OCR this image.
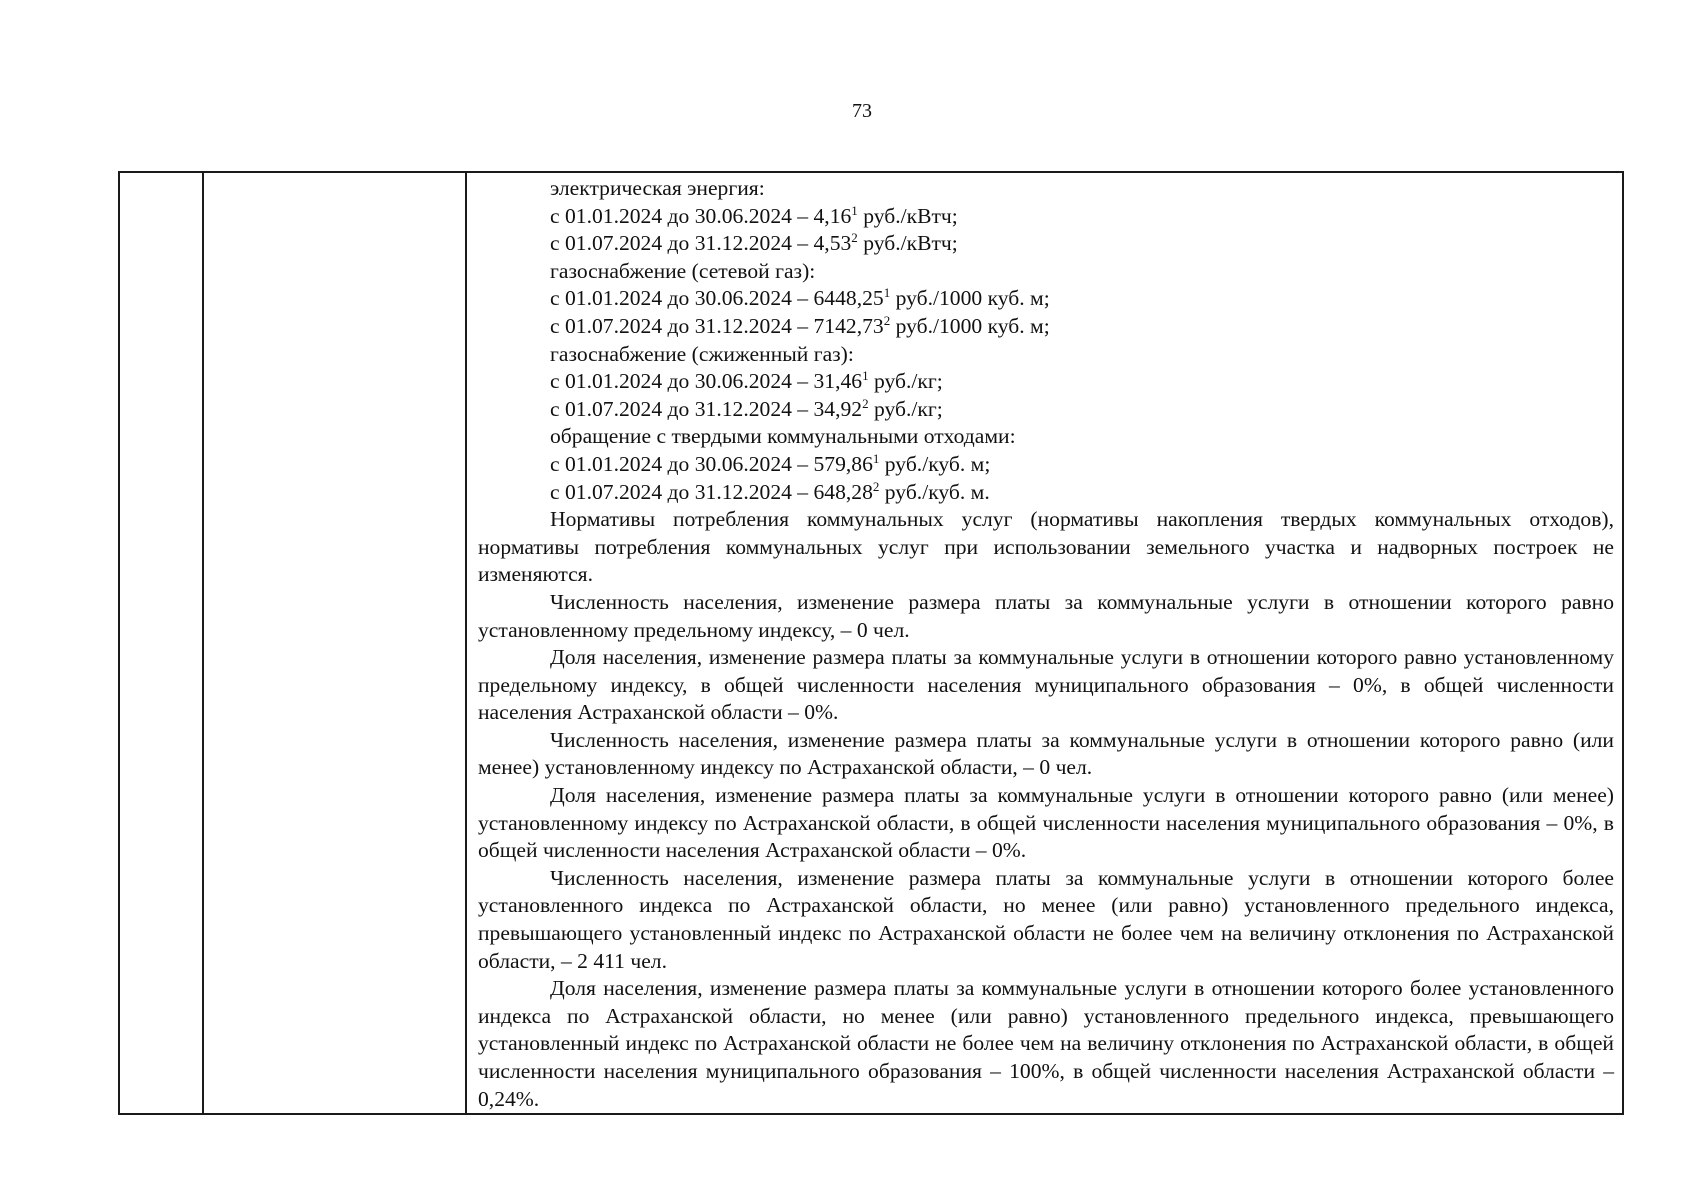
73
электрическая энергия:
с 01.01.2024 до 30.06.2024 – 4,16$^1$ руб./кВтч;
с 01.07.2024 до 31.12.2024 – 4,53$^2$ руб./кВтч;
газоснабжение (сетевой газ):
с 01.01.2024 до 30.06.2024 – 6448,25$^1$ руб./1000 куб. м;
с 01.07.2024 до 31.12.2024 – 7142,73$^2$ руб./1000 куб. м;
газоснабжение (сжиженный газ):
с 01.01.2024 до 30.06.2024 – 31,46$^1$ руб./кг;
с 01.07.2024 до 31.12.2024 – 34,92$^2$ руб./кг;
обращение с твердыми коммунальными отходами:
с 01.01.2024 до 30.06.2024 – 579,86$^1$ руб./куб. м;
с 01.07.2024 до 31.12.2024 – 648,28$^2$ руб./куб. м.

Нормативы потребления коммунальных услуг (нормативы накопления твердых коммунальных отходов), нормативы потребления коммунальных услуг при использовании земельного участка и надворных построек не изменяются.

Численность населения, изменение размера платы за коммунальные услуги в отношении которого равно установленному предельному индексу, – 0 чел.

Доля населения, изменение размера платы за коммунальные услуги в отношении которого равно установленному предельному индексу, в общей численности населения муниципального образования – 0%, в общей численности населения Астраханской области – 0%.

Численность населения, изменение размера платы за коммунальные услуги в отношении которого равно (или менее) установленному индексу по Астраханской области, – 0 чел.

Доля населения, изменение размера платы за коммунальные услуги в отношении которого равно (или менее) установленному индексу по Астраханской области, в общей численности населения муниципального образования – 0%, в общей численности населения Астраханской области – 0%.

Численность населения, изменение размера платы за коммунальные услуги в отношении которого более установленного индекса по Астраханской области, но менее (или равно) установленного предельного индекса, превышающего установленный индекс по Астраханской области не более чем на величину отклонения по Астраханской области, – 2 411 чел.

Доля населения, изменение размера платы за коммунальные услуги в отношении которого более установленного индекса по Астраханской области, но менее (или равно) установленного предельного индекса, превышающего установленный индекс по Астраханской области не более чем на величину отклонения по Астраханской области, в общей численности населения муниципального образования – 100%, в общей численности населения Астраханской области – 0,24%.
